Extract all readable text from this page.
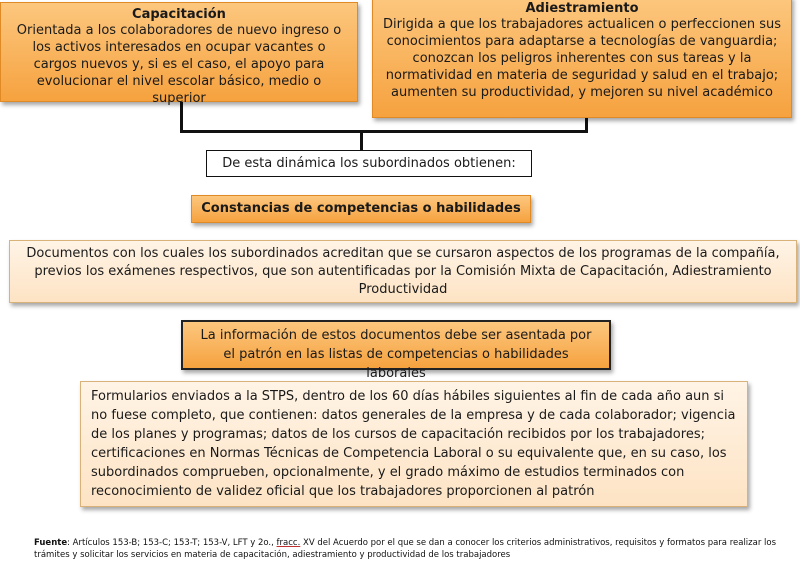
Capacitación
Orientada a los colaboradores de nuevo ingreso o los activos interesados en ocupar vacantes o cargos nuevos y, si es el caso, el apoyo para evolucionar el nivel escolar básico, medio o superior
Adiestramiento
Dirigida a que los trabajadores actualicen o perfeccionen sus conocimientos para adaptarse a tecnologías de vanguardia; conozcan los peligros inherentes con sus tareas y la normatividad en materia de seguridad y salud en el trabajo; aumenten su productividad, y mejoren su nivel académico
De esta dinámica los subordinados obtienen:
Constancias de competencias o habilidades
Documentos con los cuales los subordinados acreditan que se cursaron aspectos de los programas de la compañía, previos los exámenes respectivos, que son autentificadas por la Comisión Mixta de Capacitación, Adiestramiento Productividad
La información de estos documentos debe ser asentada por el patrón en las listas de competencias o habilidades laborales
Formularios enviados a la STPS, dentro de los 60 días hábiles siguientes al fin de cada año aun si no fuese completo, que contienen: datos generales de la empresa y de cada colaborador; vigencia de los planes y programas; datos de los cursos de capacitación recibidos por los trabajadores; certificaciones en Normas Técnicas de Competencia Laboral o su equivalente que, en su caso, los subordinados comprueben, opcionalmente, y el grado máximo de estudios terminados con reconocimiento de validez oficial que los trabajadores proporcionen al patrón
Fuente: Artículos 153-B; 153-C; 153-T; 153-V, LFT y 2o., fracc. XV del Acuerdo por el que se dan a conocer los criterios administrativos, requisitos y formatos para realizar los trámites y solicitar los servicios en materia de capacitación, adiestramiento y productividad de los trabajadores
